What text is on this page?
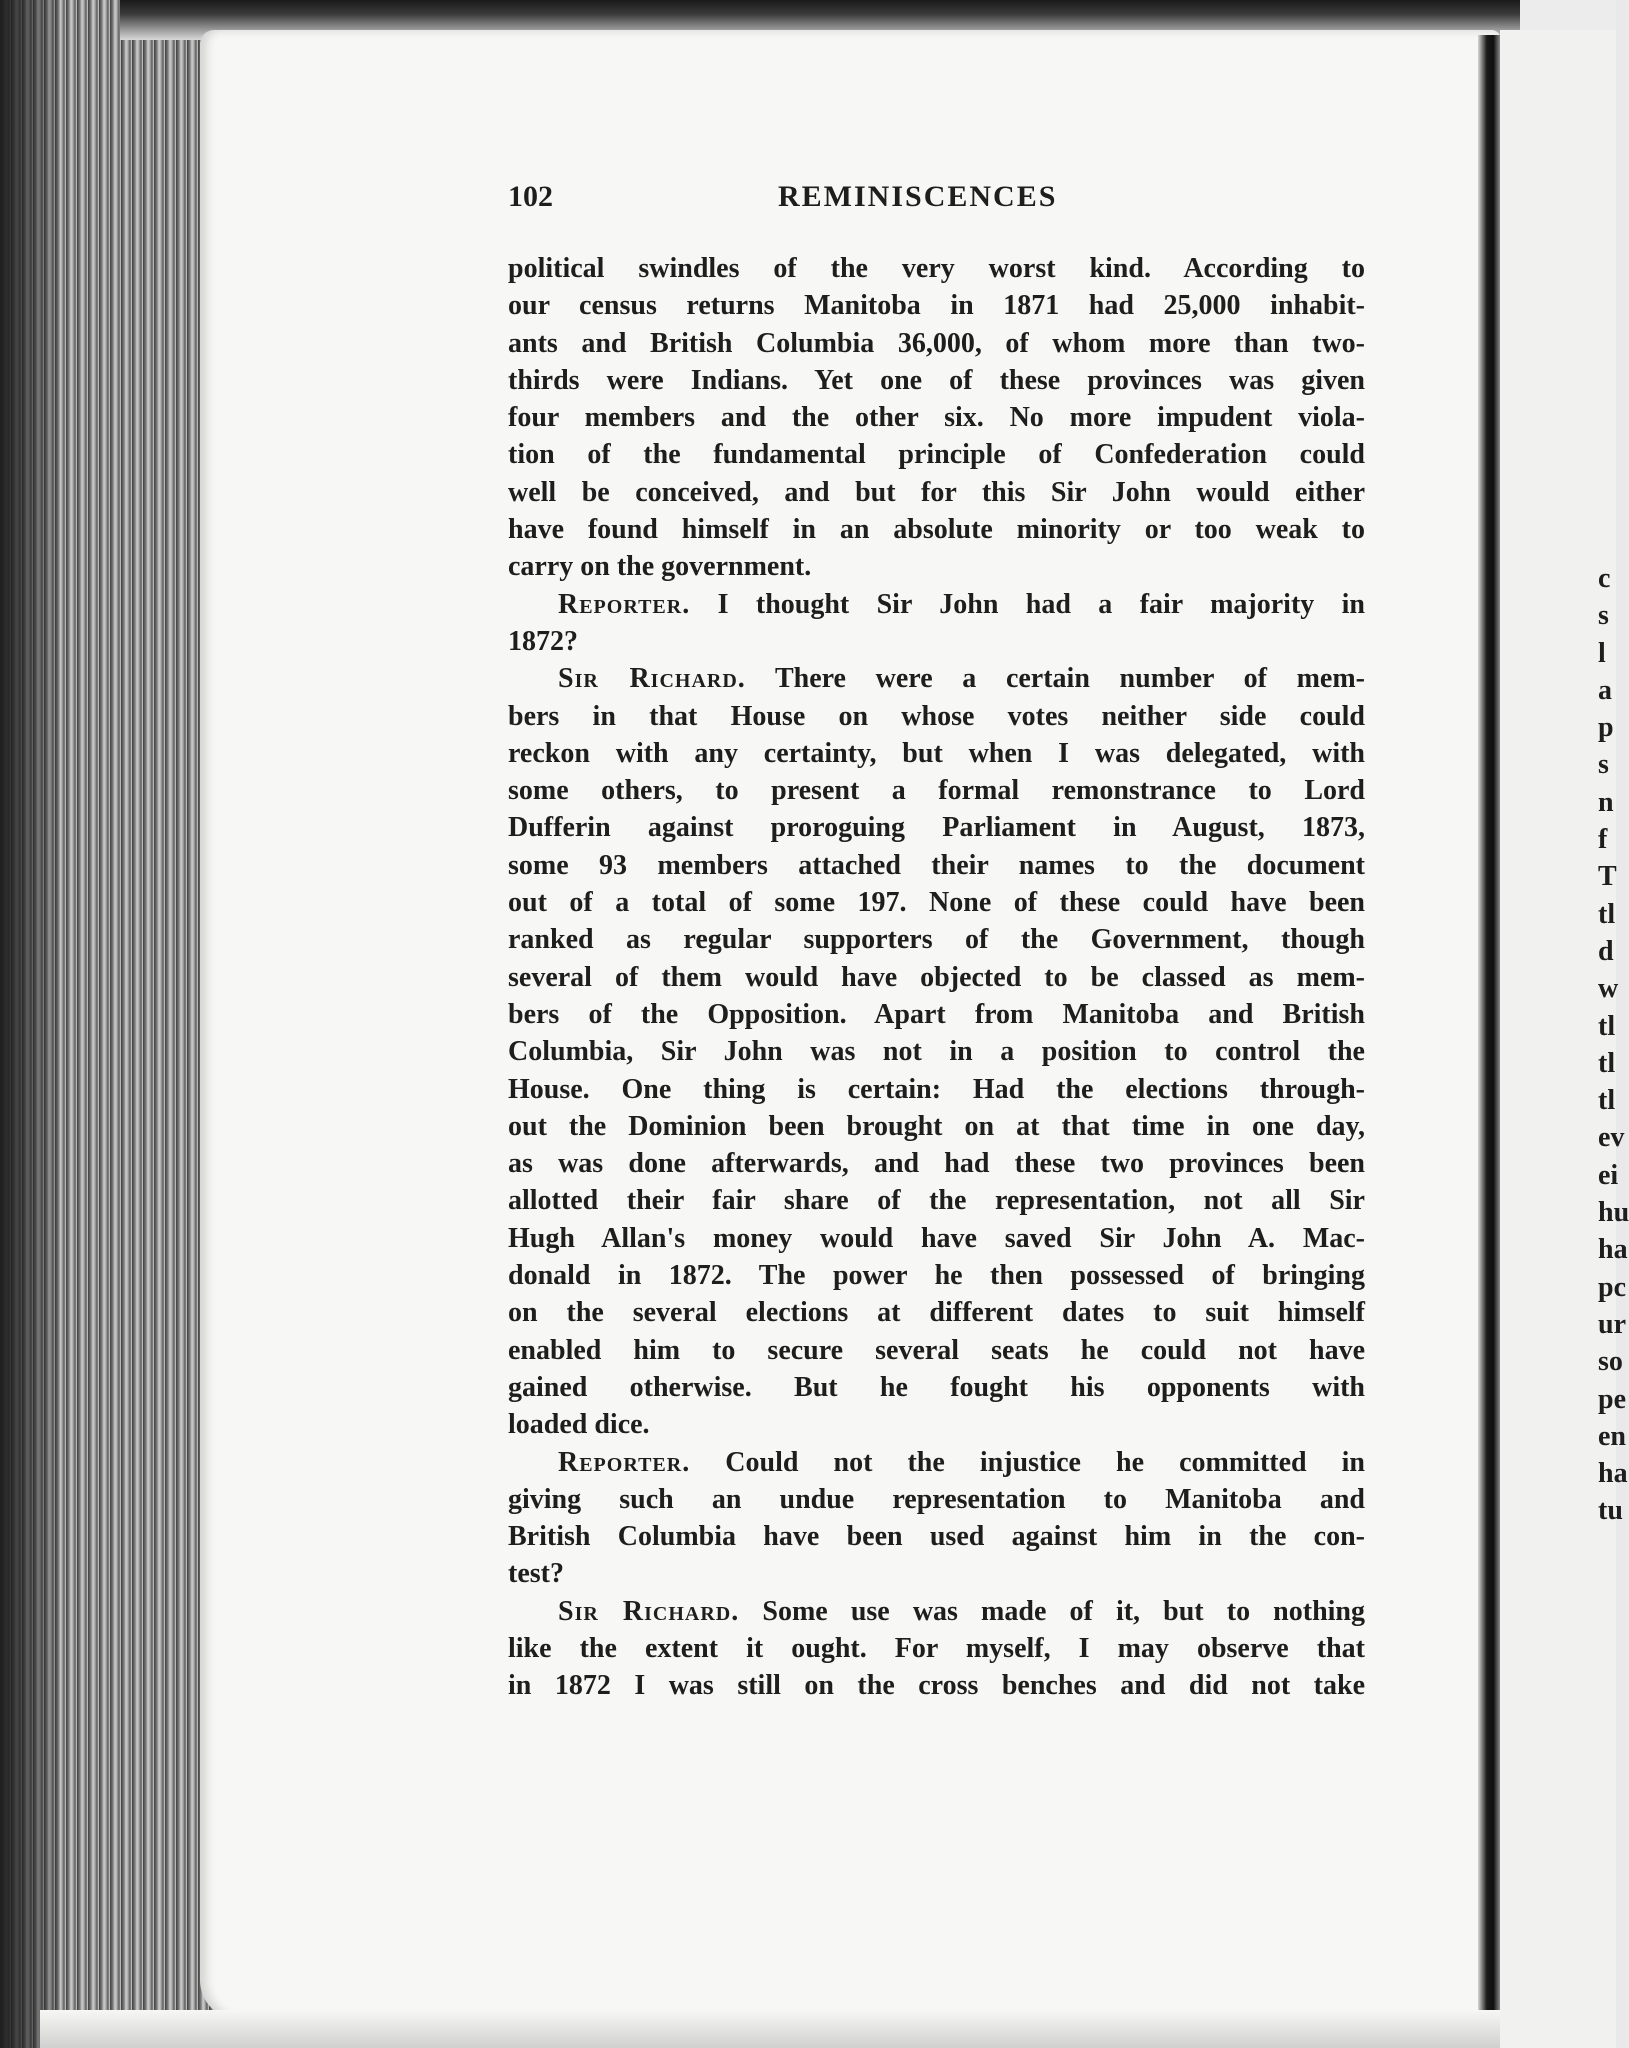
102	REMINISCENCES
political swindles of the very worst kind. According to
our census returns Manitoba in 1871 had 25,000 inhabit-
ants and British Columbia 36,000, of whom more than two-
thirds were Indians. Yet one of these provinces was given
four members and the other six. No more impudent viola-
tion of the fundamental principle of Confederation could
well be conceived, and but for this Sir John would either
have found himself in an absolute minority or too weak to
carry on the government.
Reporter. I thought Sir John had a fair majority in
1872?
Sir Richard. There were a certain number of mem-
bers in that House on whose votes neither side could
reckon with any certainty, but when I was delegated, with
some others, to present a formal remonstrance to Lord
Dufferin against proroguing Parliament in August, 1873,
some 93 members attached their names to the document
out of a total of some 197. None of these could have been
ranked as regular supporters of the Government, though
several of them would have objected to be classed as mem-
bers of the Opposition. Apart from Manitoba and British
Columbia, Sir John was not in a position to control the
House. One thing is certain: Had the elections through-
out the Dominion been brought on at that time in one day,
as was done afterwards, and had these two provinces been
allotted their fair share of the representation, not all Sir
Hugh Allan's money would have saved Sir John A. Mac-
donald in 1872. The power he then possessed of bringing
on the several elections at different dates to suit himself
enabled him to secure several seats he could not have
gained otherwise. But he fought his opponents with
loaded dice.
Reporter. Could not the injustice he committed in
giving such an undue representation to Manitoba and
British Columbia have been used against him in the con-
test?
Sir Richard. Some use was made of it, but to nothing
like the extent it ought. For myself, I may observe that
in 1872 I was still on the cross benches and did not take
c
s
l
a
p
s
n
f
T
tl
d
w
tl
tl
tl
ev
ei
hu
ha
pc
ur
so
pe
en
ha
tu
